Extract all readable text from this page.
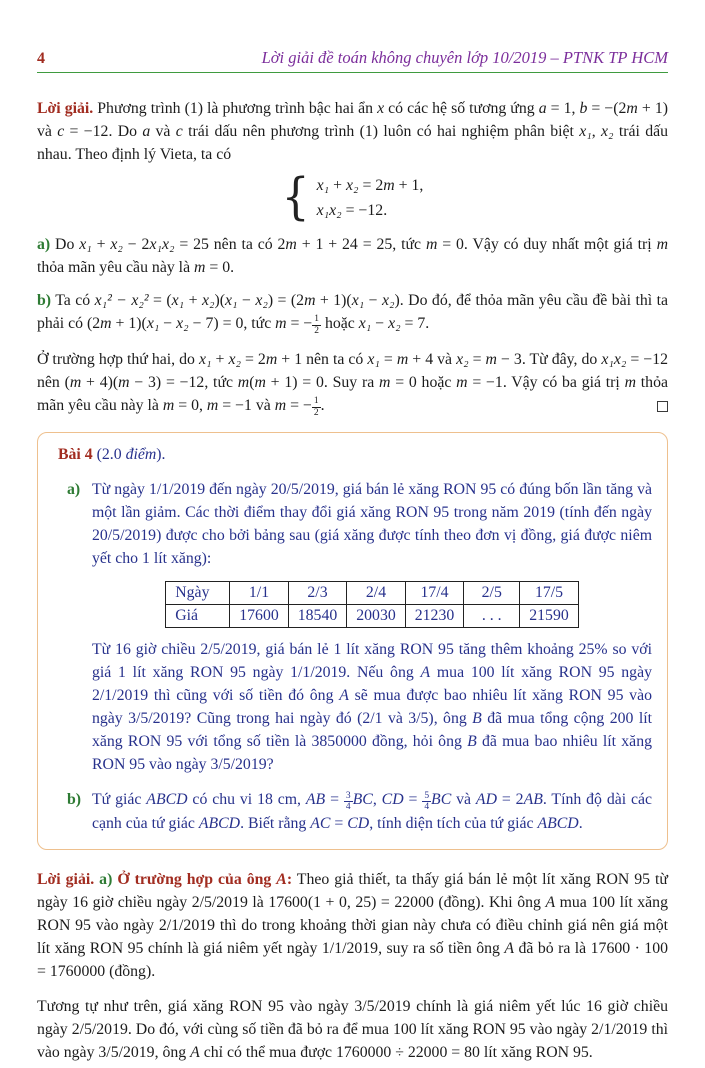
4	Lời giải đề toán không chuyên lớp 10/2019 – PTNK TP HCM

Lời giải. Phương trình (1) là phương trình bậc hai ẩn x có các hệ số tương ứng a = 1, b = −(2m + 1) và c = −12. Do a và c trái dấu nên phương trình (1) luôn có hai nghiệm phân biệt x₁, x₂ trái dấu nhau. Theo định lý Vieta, ta có

{ x₁ + x₂ = 2m + 1,
x₁x₂ = −12.

a) Do x₁ + x₂ − 2x₁x₂ = 25 nên ta có 2m + 1 + 24 = 25, tức m = 0. Vậy có duy nhất một giá trị m thỏa mãn yêu cầu này là m = 0.

b) Ta có x₁² − x₂² = (x₁ + x₂)(x₁ − x₂) = (2m + 1)(x₁ − x₂). Do đó, để thỏa mãn yêu cầu đề bài thì ta phải có (2m + 1)(x₁ − x₂ − 7) = 0, tức m = − $\frac{1}{2}$ hoặc x₁ − x₂ = 7.

Ở trường hợp thứ hai, do x₁ + x₂ = 2m + 1 nên ta có x₁ = m + 4 và x₂ = m − 3. Từ đây, do x₁x₂ = −12 nên (m + 4)(m − 3) = −12, tức m(m + 1) = 0. Suy ra m = 0 hoặc m = −1. Vậy có ba giá trị m thỏa mãn yêu cầu này là m = 0, m = −1 và m = − $\frac{1}{2}$ .

Bài 4 (2.0 điểm).

a) Từ ngày 1/1/2019 đến ngày 20/5/2019, giá bán lẻ xăng RON 95 có đúng bốn lần tăng và một lần giảm. Các thời điểm thay đổi giá xăng RON 95 trong năm 2019 (tính đến ngày 20/5/2019) được cho bởi bảng sau (giá xăng được tính theo đơn vị đồng, giá được niêm yết cho 1 lít xăng):

Ngày	1/1	2/3	2/4	17/4	2/5	17/5
Giá	17600	18540	20030	21230	. . .	21590

Từ 16 giờ chiều 2/5/2019, giá bán lẻ 1 lít xăng RON 95 tăng thêm khoảng 25% so với giá 1 lít xăng RON 95 ngày 1/1/2019. Nếu ông A mua 100 lít xăng RON 95 ngày 2/1/2019 thì cũng với số tiền đó ông A sẽ mua được bao nhiêu lít xăng RON 95 vào ngày 3/5/2019? Cũng trong hai ngày đó (2/1 và 3/5), ông B đã mua tổng cộng 200 lít xăng RON 95 với tổng số tiền là 3850000 đồng, hỏi ông B đã mua bao nhiêu lít xăng RON 95 vào ngày 3/5/2019?

b) Tứ giác ABCD có chu vi 18 cm, AB = $\frac{3}{4}$ BC, CD = $\frac{5}{4}$ BC và AD = 2AB. Tính độ dài các cạnh của tứ giác ABCD. Biết rằng AC = CD, tính diện tích của tứ giác ABCD.

Lời giải. a) Ở trường hợp của ông A: Theo giả thiết, ta thấy giá bán lẻ một lít xăng RON 95 từ ngày 16 giờ chiều ngày 2/5/2019 là 17600(1 + 0, 25) = 22000 (đồng). Khi ông A mua 100 lít xăng RON 95 vào ngày 2/1/2019 thì do trong khoảng thời gian này chưa có điều chỉnh giá nên giá một lít xăng RON 95 chính là giá niêm yết ngày 1/1/2019, suy ra số tiền ông A đã bỏ ra là 17600 · 100 = 1760000 (đồng).

Tương tự như trên, giá xăng RON 95 vào ngày 3/5/2019 chính là giá niêm yết lúc 16 giờ chiều ngày 2/5/2019. Do đó, với cùng số tiền đã bỏ ra để mua 100 lít xăng RON 95 vào ngày 2/1/2019 thì vào ngày 3/5/2019, ông A chỉ có thể mua được 1760000 ÷ 22000 = 80 lít xăng RON 95.
